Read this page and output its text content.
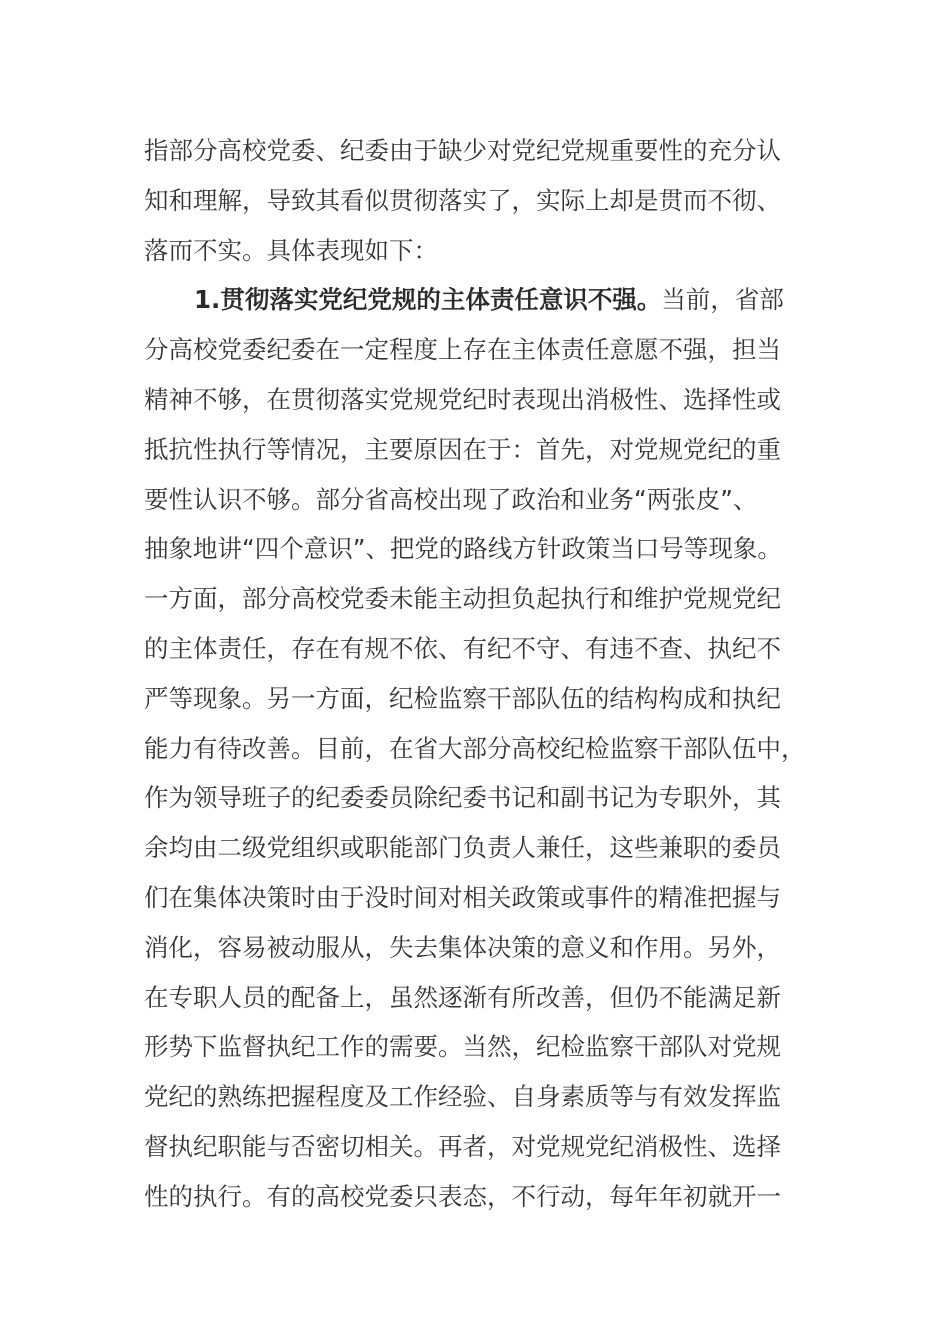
指部分高校党委、纪委由于缺少对党纪党规重要性的充分认
知和理解，导致其看似贯彻落实了，实际上却是贯而不彻、
落而不实。具体表现如下：
1.贯彻落实党纪党规的主体责任意识不强。当前，省部
分高校党委纪委在一定程度上存在主体责任意愿不强，担当
精神不够，在贯彻落实党规党纪时表现出消极性、选择性或
抵抗性执行等情况，主要原因在于：首先，对党规党纪的重
要性认识不够。部分省高校出现了政治和业务“两张皮”、
抽象地讲“四个意识”、把党的路线方针政策当口号等现象。
一方面，部分高校党委未能主动担负起执行和维护党规党纪
的主体责任，存在有规不依、有纪不守、有违不查、执纪不
严等现象。另一方面，纪检监察干部队伍的结构构成和执纪
能力有待改善。目前，在省大部分高校纪检监察干部队伍中，
作为领导班子的纪委委员除纪委书记和副书记为专职外，其
余均由二级党组织或职能部门负责人兼任，这些兼职的委员
们在集体决策时由于没时间对相关政策或事件的精准把握与
消化，容易被动服从，失去集体决策的意义和作用。另外，
在专职人员的配备上，虽然逐渐有所改善，但仍不能满足新
形势下监督执纪工作的需要。当然，纪检监察干部队对党规
党纪的熟练把握程度及工作经验、自身素质等与有效发挥监
督执纪职能与否密切相关。再者，对党规党纪消极性、选择
性的执行。有的高校党委只表态，不行动，每年年初就开一
